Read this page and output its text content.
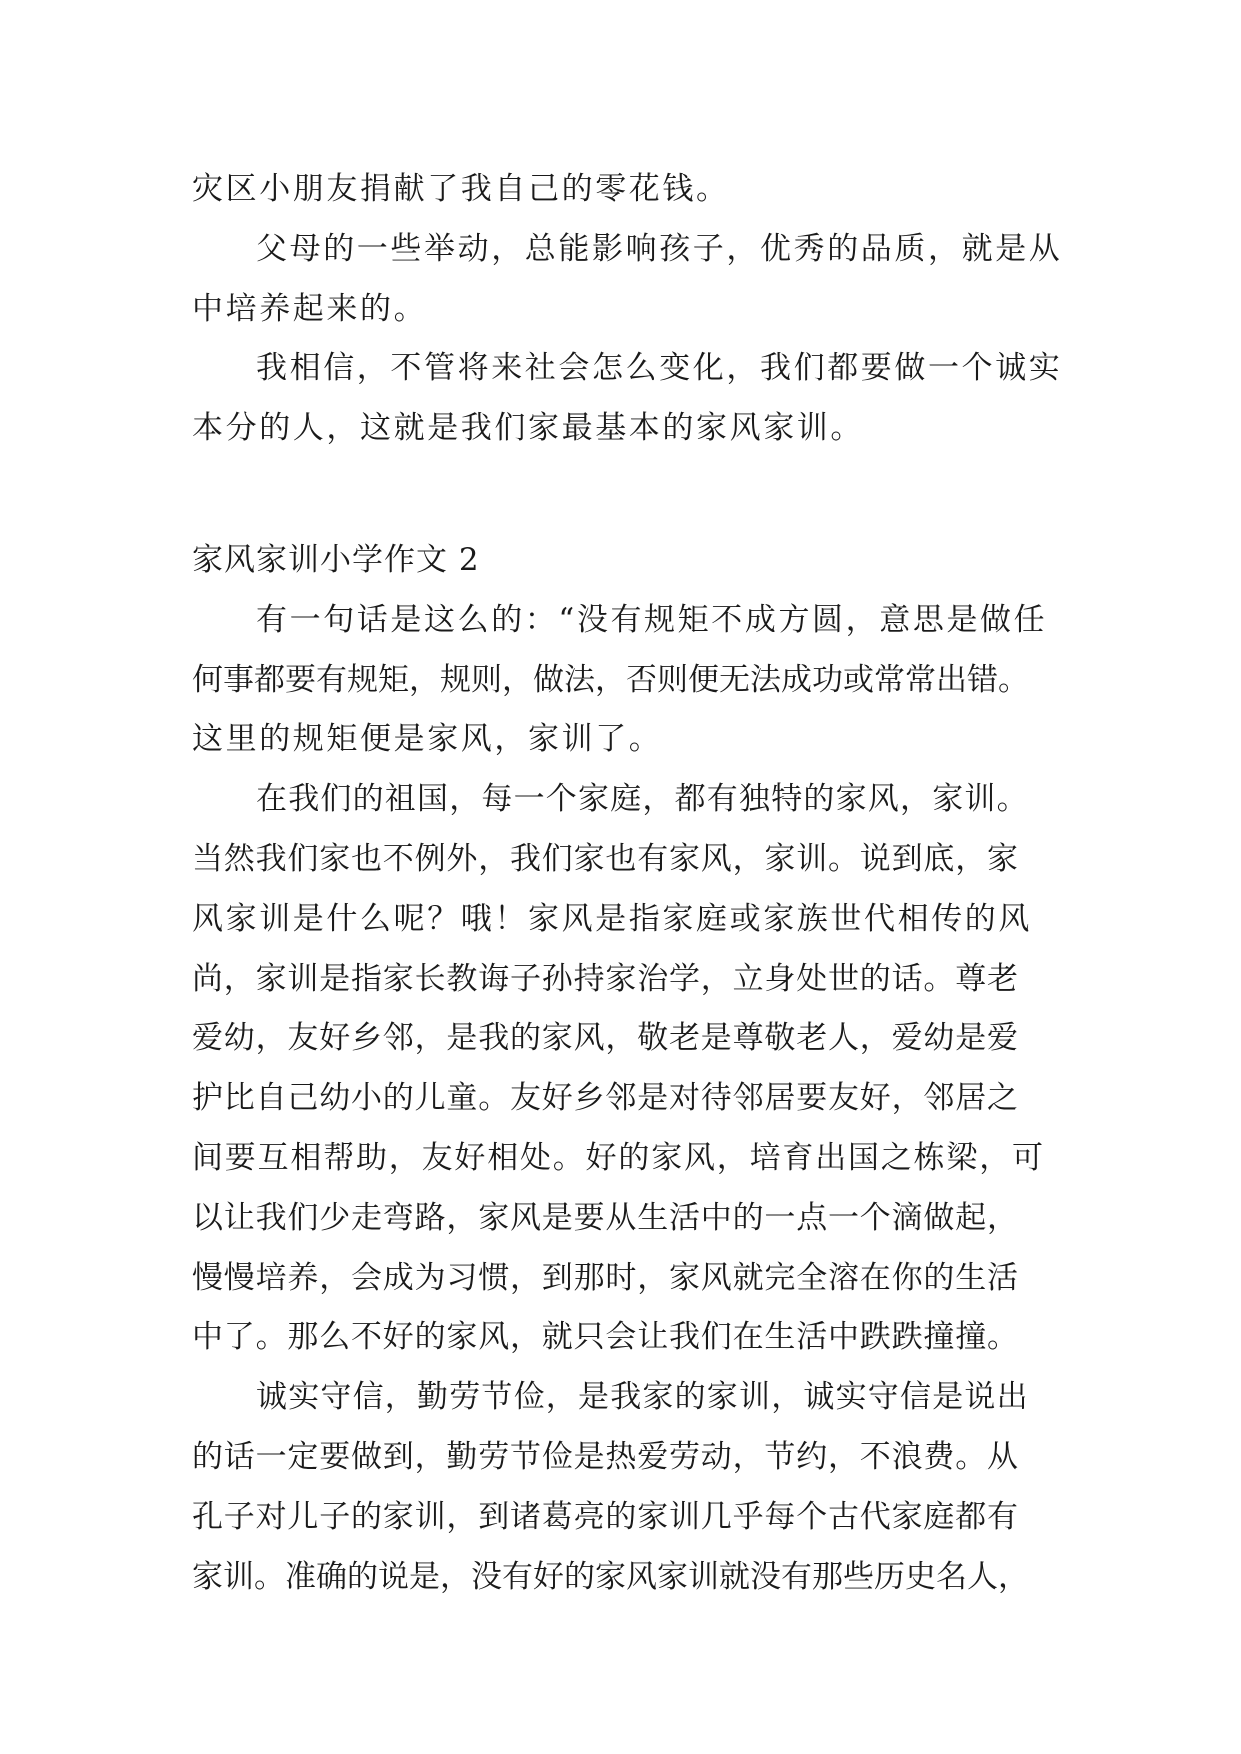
灾区小朋友捐献了我自己的零花钱。
父母的一些举动，总能影响孩子，优秀的品质，就是从
中培养起来的。
我相信，不管将来社会怎么变化，我们都要做一个诚实
本分的人，这就是我们家最基本的家风家训。
家风家训小学作文 2
有一句话是这么的：“没有规矩不成方圆，意思是做任
何事都要有规矩，规则，做法，否则便无法成功或常常出错。
这里的规矩便是家风，家训了。
在我们的祖国，每一个家庭，都有独特的家风，家训。
当然我们家也不例外，我们家也有家风，家训。说到底，家
风家训是什么呢？哦！家风是指家庭或家族世代相传的风
尚，家训是指家长教诲子孙持家治学，立身处世的话。尊老
爱幼，友好乡邻，是我的家风，敬老是尊敬老人，爱幼是爱
护比自己幼小的儿童。友好乡邻是对待邻居要友好，邻居之
间要互相帮助，友好相处。好的家风，培育出国之栋梁，可
以让我们少走弯路，家风是要从生活中的一点一个滴做起，
慢慢培养，会成为习惯，到那时，家风就完全溶在你的生活
中了。那么不好的家风，就只会让我们在生活中跌跌撞撞。
诚实守信，勤劳节俭，是我家的家训，诚实守信是说出
的话一定要做到，勤劳节俭是热爱劳动，节约，不浪费。从
孔子对儿子的家训，到诸葛亮的家训几乎每个古代家庭都有
家训。准确的说是，没有好的家风家训就没有那些历史名人，
